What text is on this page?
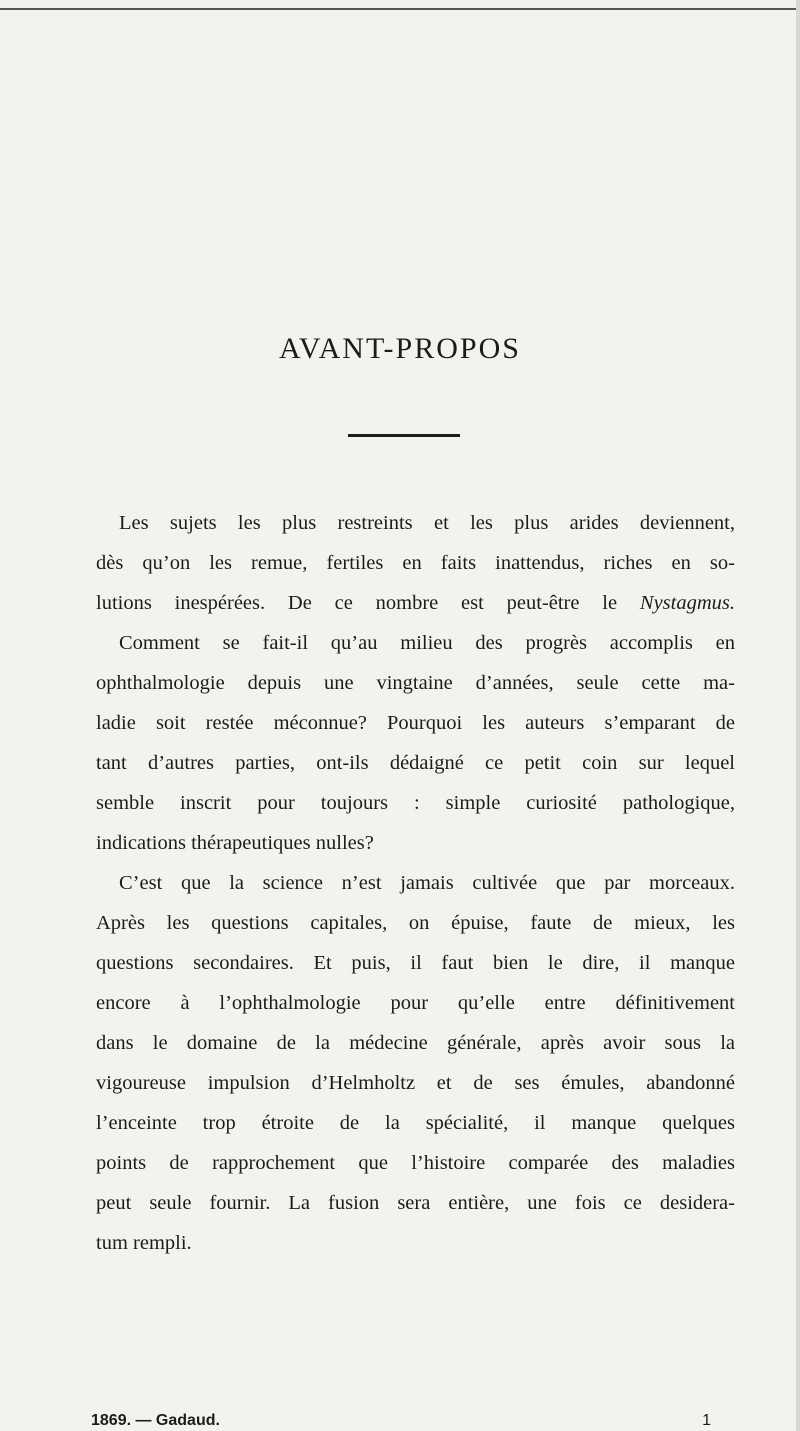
AVANT-PROPOS

Les sujets les plus restreints et les plus arides deviennent,
dès qu’on les remue, fertiles en faits inattendus, riches en so-
lutions inespérées. De ce nombre est peut-être le Nystagmus.
Comment se fait-il qu’au milieu des progrès accomplis en
ophthalmologie depuis une vingtaine d’années, seule cette ma-
ladie soit restée méconnue? Pourquoi les auteurs s’emparant de
tant d’autres parties, ont-ils dédaigné ce petit coin sur lequel
semble inscrit pour toujours : simple curiosité pathologique,
indications thérapeutiques nulles?

C’est que la science n’est jamais cultivée que par morceaux.
Après les questions capitales, on épuise, faute de mieux, les
questions secondaires. Et puis, il faut bien le dire, il manque
encore à l’ophthalmologie pour qu’elle entre définitivement
dans le domaine de la médecine générale, après avoir sous la
vigoureuse impulsion d’Helmholtz et de ses émules, abandonné
l’enceinte trop étroite de la spécialité, il manque quelques
points de rapprochement que l’histoire comparée des maladies
peut seule fournir. La fusion sera entière, une fois ce desidera-
tum rempli.

1869. — Gadaud.	1
